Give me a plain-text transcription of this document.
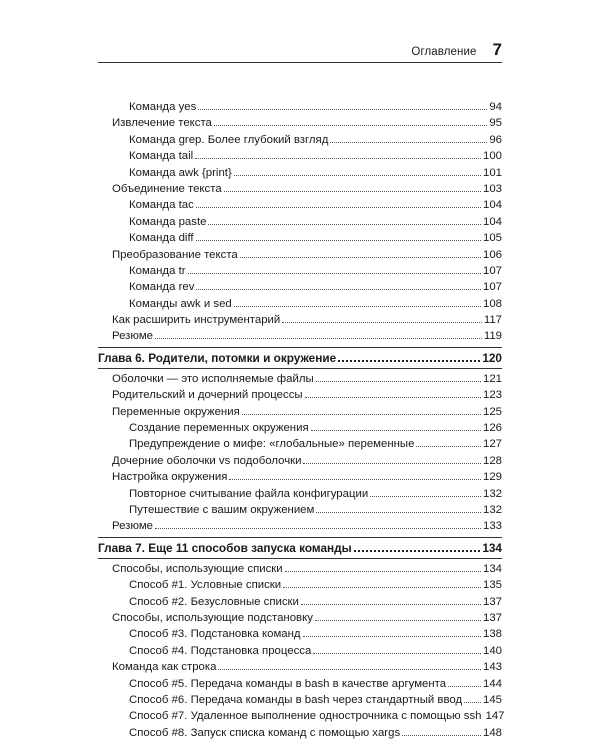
Оглавление 7
Команда yes	94
Извлечение текста	95
Команда grep. Более глубокий взгляд	96
Команда tail	100
Команда awk {print}	101
Объединение текста	103
Команда tac	104
Команда paste	104
Команда diff	105
Преобразование текста	106
Команда tr	107
Команда rev	107
Команды awk и sed	108
Как расширить инструментарий	117
Резюме	119
Глава 6. Родители, потомки и окружение	120
Оболочки — это исполняемые файлы	121
Родительский и дочерний процессы	123
Переменные окружения	125
Создание переменных окружения	126
Предупреждение о мифе: «глобальные» переменные	127
Дочерние оболочки vs подоболочки	128
Настройка окружения	129
Повторное считывание файла конфигурации	132
Путешествие с вашим окружением	132
Резюме	133
Глава 7. Еще 11 способов запуска команды	134
Способы, использующие списки	134
Способ #1. Условные списки	135
Способ #2. Безусловные списки	137
Способы, использующие подстановку	137
Способ #3. Подстановка команд	138
Способ #4. Подстановка процесса	140
Команда как строка	143
Способ #5. Передача команды в bash в качестве аргумента	144
Способ #6. Передача команды в bash через стандартный ввод 145
Способ #7. Удаленное выполнение однострочника с помощью ssh 147
Способ #8. Запуск списка команд с помощью xargs	148
